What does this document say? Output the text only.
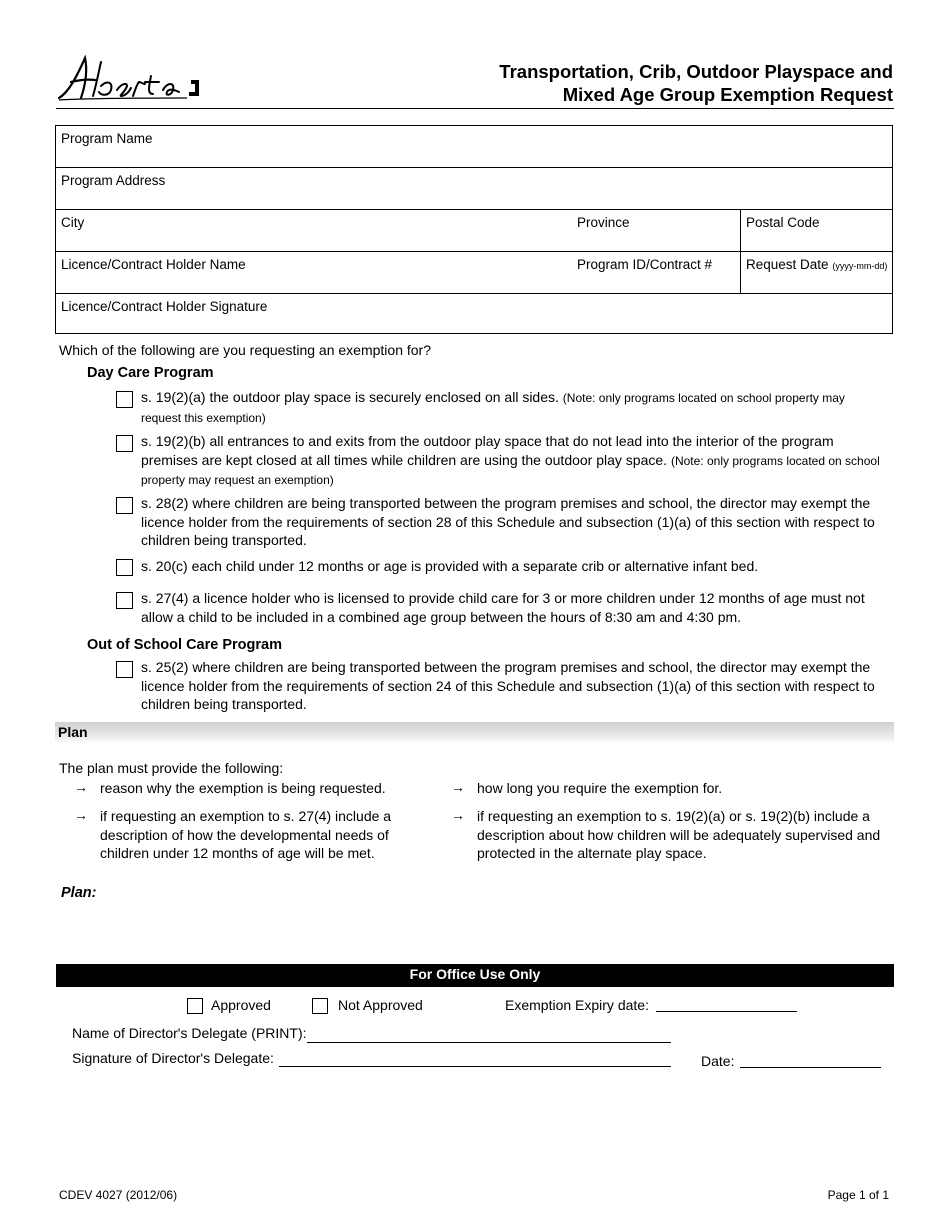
Transportation, Crib, Outdoor Playspace and
Mixed Age Group Exemption Request
Program Name
Program Address
City	Province	Postal Code
Licence/Contract Holder Name	Program ID/Contract #	Request Date (yyyy-mm-dd)
Licence/Contract Holder Signature
Which of the following are you requesting an exemption for?
Day Care Program
s. 19(2)(a) the outdoor play space is securely enclosed on all sides. (Note: only programs located on school property may request this exemption)
s. 19(2)(b) all entrances to and exits from the outdoor play space that do not lead into the interior of the program premises are kept closed at all times while children are using the outdoor play space. (Note: only programs located on school property may request an exemption)
s. 28(2) where children are being transported between the program premises and school, the director may exempt the licence holder from the requirements of section 28 of this Schedule and subsection (1)(a) of this section with respect to children being transported.
s. 20(c) each child under 12 months or age is provided with a separate crib or alternative infant bed.
s. 27(4) a licence holder who is licensed to provide child care for 3 or more children under 12 months of age must not allow a child to be included in a combined age group between the hours of 8:30 am and 4:30 pm.
Out of School Care Program
s. 25(2) where children are being transported between the program premises and school, the director may exempt the licence holder from the requirements of section 24 of this Schedule and subsection (1)(a) of this section with respect to children being transported.
Plan
The plan must provide the following:
→ reason why the exemption is being requested.	→ how long you require the exemption for.
→ if requesting an exemption to s. 27(4) include a description of how the developmental needs of children under 12 months of age will be met.
→ if requesting an exemption to s. 19(2)(a) or s. 19(2)(b) include a description about how children will be adequately supervised and protected in the alternate play space.
Plan:
For Office Use Only
Approved	Not Approved	Exemption Expiry date:
Name of Director's Delegate (PRINT):
Signature of Director's Delegate:	Date:
CDEV 4027 (2012/06)	Page 1 of 1
